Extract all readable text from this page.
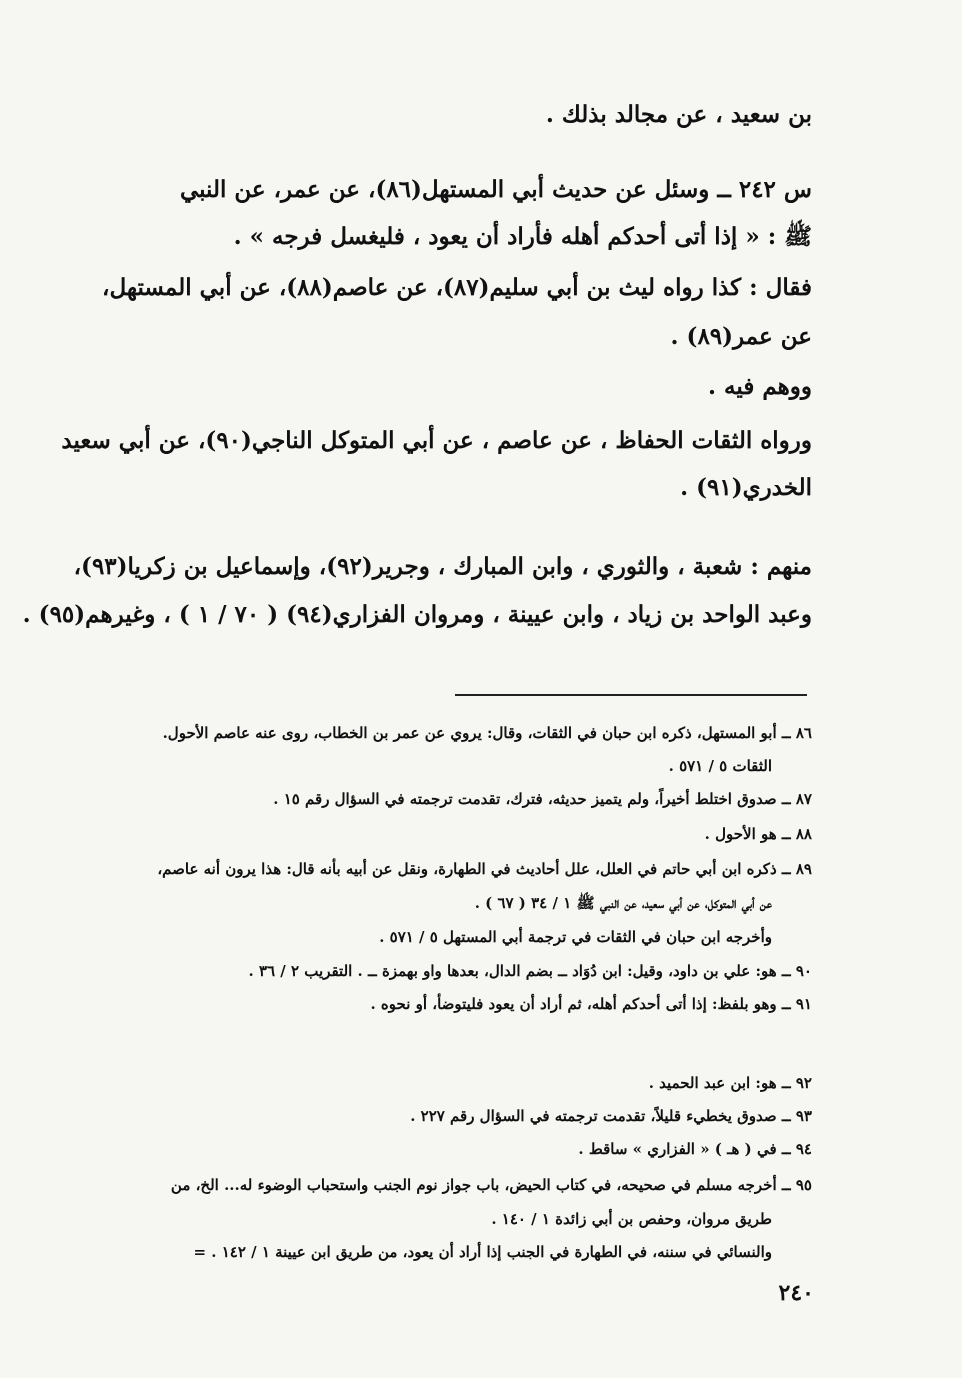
بن سعيد ، عن مجالد بذلك .
س ٢٤٢ ــ وسئل عن حديث أبي المستهل(٨٦)، عن عمر، عن النبي
ﷺ : « إذا أتى أحدكم أهله فأراد أن يعود ، فليغسل فرجه » .
فقال : كذا رواه ليث بن أبي سليم(٨٧)، عن عاصم(٨٨)، عن أبي المستهل،
عن عمر(٨٩) .
ووهم فيه .
ورواه الثقات الحفاظ ، عن عاصم ، عن أبي المتوكل الناجي(٩٠)، عن أبي سعيد
الخدري(٩١) .
منهم : شعبة ، والثوري ، وابن المبارك ، وجرير(٩٢)، وإسماعيل بن زكريا(٩٣)،
وعبد الواحد بن زياد ، وابن عيينة ، ومروان الفزاري(٩٤) ( ٧٠ / ١ ) ، وغيرهم(٩٥) .
٨٦ ــ أبو المستهل، ذكره ابن حبان في الثقات، وقال: يروي عن عمر بن الخطاب، روى عنه عاصم الأحول.
الثقات ٥ / ٥٧١ .
٨٧ ــ صدوق اختلط أخيراً، ولم يتميز حديثه، فترك، تقدمت ترجمته في السؤال رقم ١٥ .
٨٨ ــ هو الأحول .
٨٩ ــ ذكره ابن أبي حاتم في العلل، علل أحاديث في الطهارة، ونقل عن أبيه بأنه قال: هذا يرون أنه عاصم،
عن أبي المتوكل، عن أبي سعيد، عن النبي ﷺ ١ / ٣٤ ( ٦٧ ) .
وأخرجه ابن حبان في الثقات في ترجمة أبي المستهل ٥ / ٥٧١ .
٩٠ ــ هو: علي بن داود، وقيل: ابن دُوَاد ــ بضم الدال، بعدها واو بهمزة ــ . التقريب ٢ / ٣٦ .
٩١ ــ وهو بلفظ: إذا أتى أحدكم أهله، ثم أراد أن يعود فليتوضأ، أو نحوه .
٩٢ ــ هو: ابن عبد الحميد .
٩٣ ــ صدوق يخطيء قليلاً، تقدمت ترجمته في السؤال رقم ٢٢٧ .
٩٤ ــ في ( هـ ) « الفزاري » ساقط .
٩٥ ــ أخرجه مسلم في صحيحه، في كتاب الحيض، باب جواز نوم الجنب واستحباب الوضوء له... الخ، من
طريق مروان، وحفص بن أبي زائدة ١ / ١٤٠ .
والنسائي في سننه، في الطهارة في الجنب إذا أراد أن يعود، من طريق ابن عيينة ١ / ١٤٢ . =
٢٤٠
